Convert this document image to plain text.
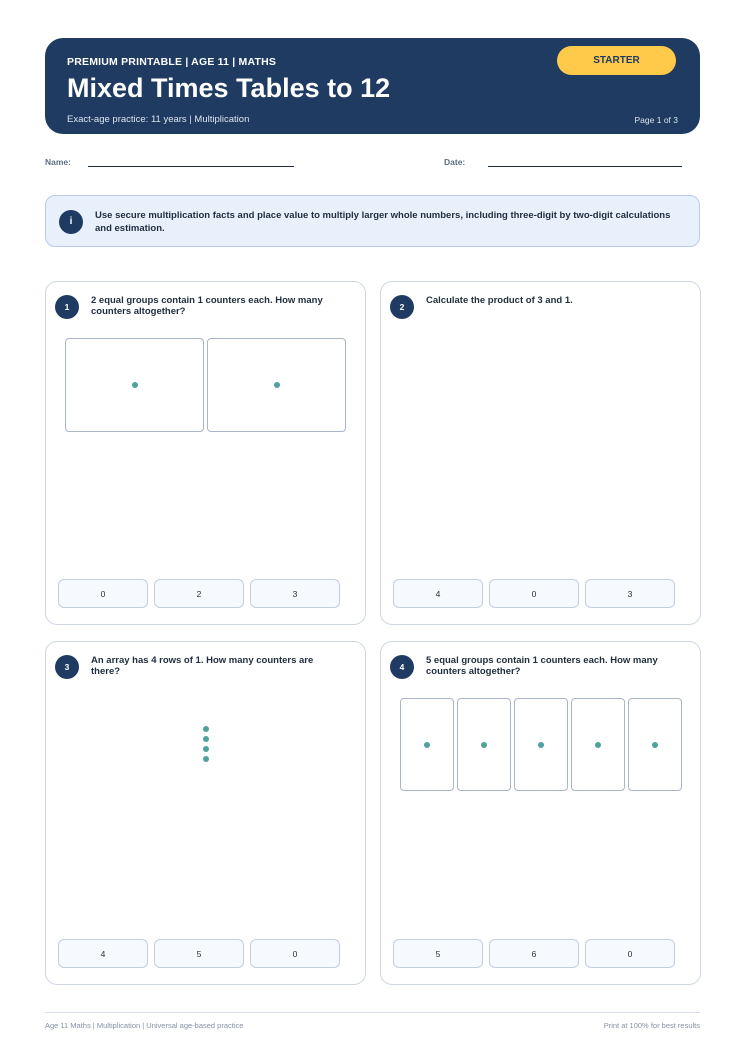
PREMIUM PRINTABLE | AGE 11 | MATHS
Mixed Times Tables to 12
Exact-age practice: 11 years | Multiplication	Page 1 of 3
STARTER
Name:	Date:
i
Use secure multiplication facts and place value to multiply larger whole numbers, including three-digit by two-digit calculations and estimation.
1
2 equal groups contain 1 counters each. How many counters altogether?
0	2	3
2
Calculate the product of 3 and 1.
4	0	3
3
An array has 4 rows of 1. How many counters are there?
4	5	0
4
5 equal groups contain 1 counters each. How many counters altogether?
5	6	0
Age 11 Maths | Multiplication | Universal age-based practice	Print at 100% for best results
